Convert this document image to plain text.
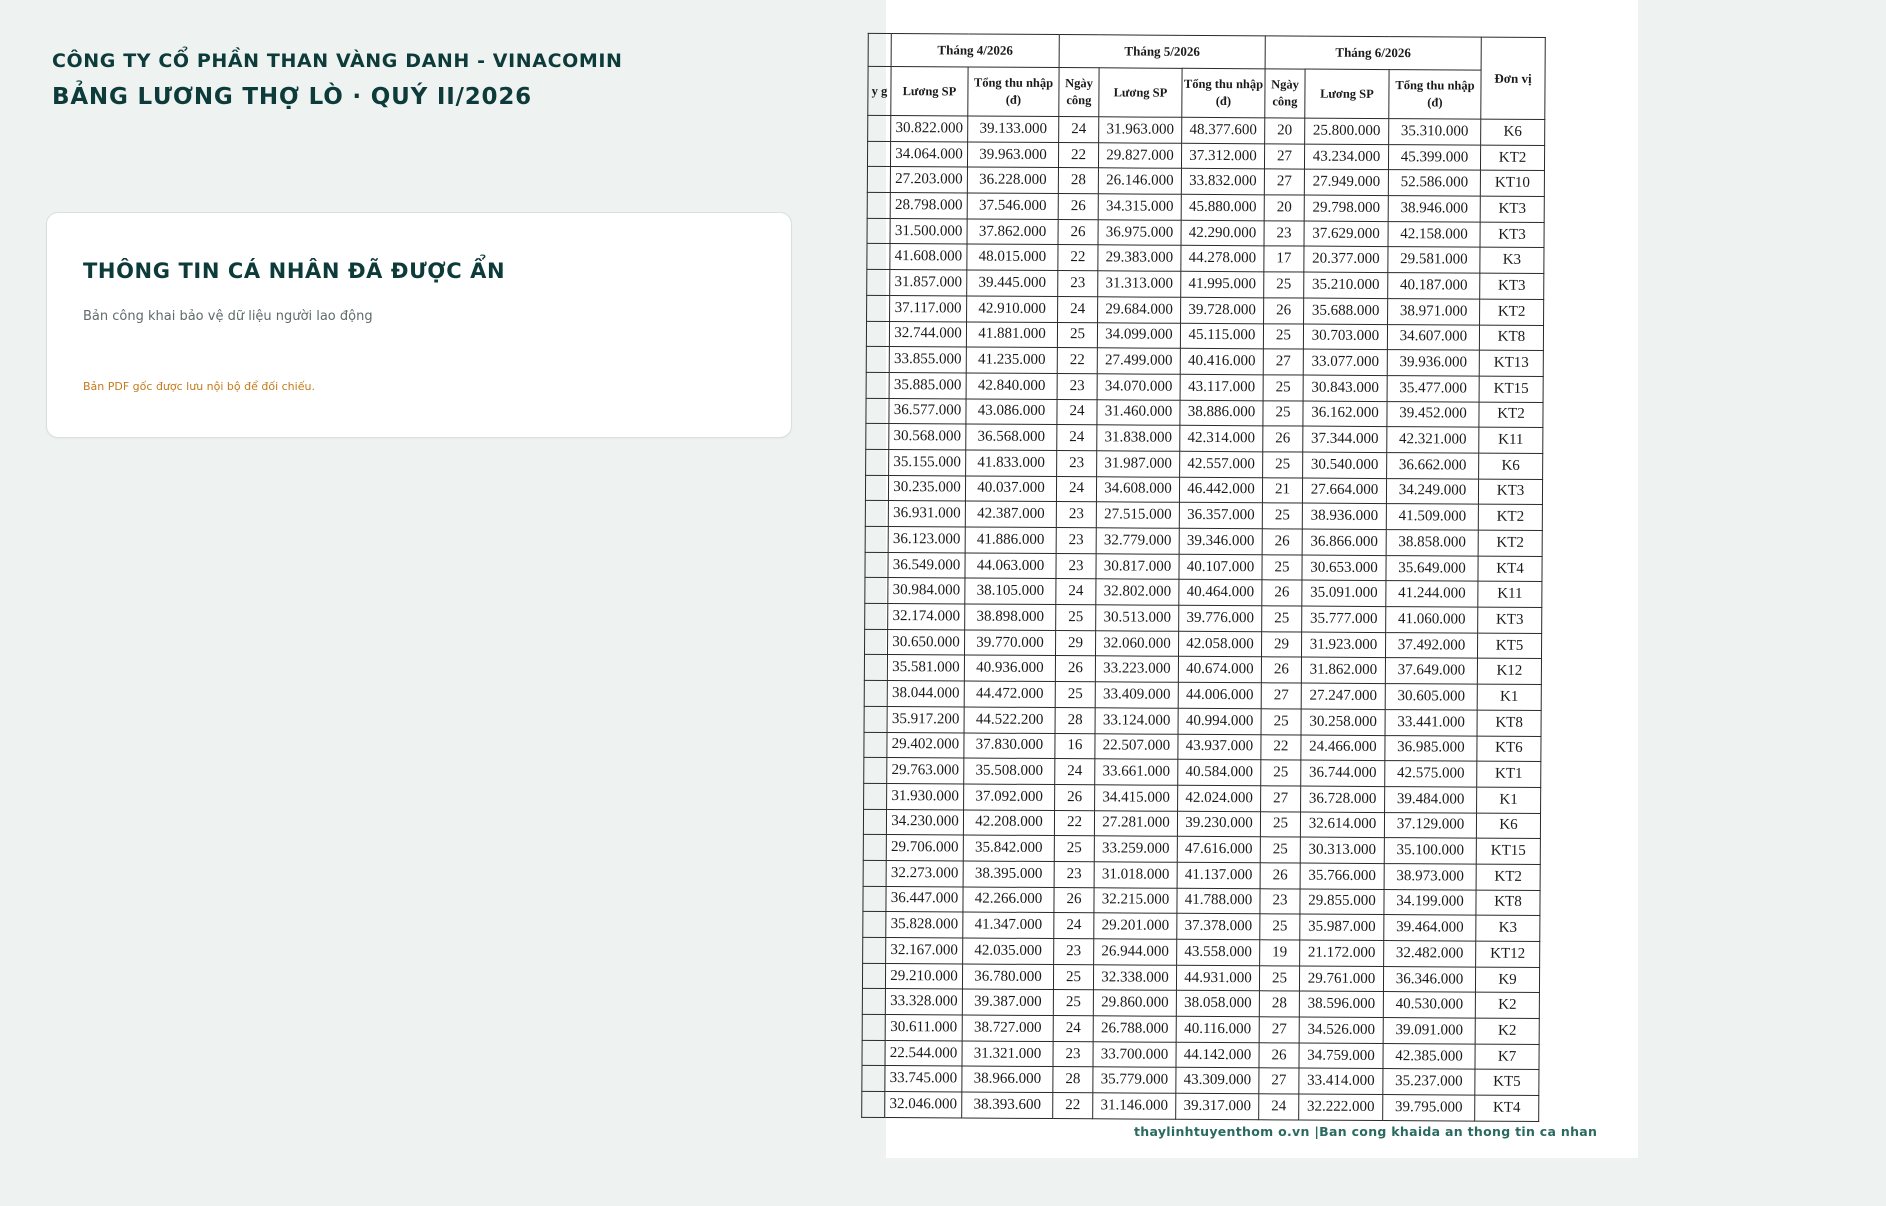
CÔNG TY CỔ PHẦN THAN VÀNG DANH - VINACOMIN
BẢNG LƯƠNG THỢ LÒ · QUÝ II/2026
THÔNG TIN CÁ NHÂN ĐÃ ĐƯỢC ẨN
Bản công khai bảo vệ dữ liệu người lao động
Bản PDF gốc được lưu nội bộ để đối chiếu.
	Tháng 4/2026		Tháng 5/2026			Tháng 6/2026			Đơn vị
y g	Lương SP	Tổng thu nhập (đ)	Ngày công	Lương SP	Tổng thu nhập (đ)	Ngày công	Lương SP	Tổng thu nhập (đ)	
	30.822.000	39.133.000	24	31.963.000	48.377.600	20	25.800.000	35.310.000	K6
	34.064.000	39.963.000	22	29.827.000	37.312.000	27	43.234.000	45.399.000	KT2
	27.203.000	36.228.000	28	26.146.000	33.832.000	27	27.949.000	52.586.000	KT10
	28.798.000	37.546.000	26	34.315.000	45.880.000	20	29.798.000	38.946.000	KT3
	31.500.000	37.862.000	26	36.975.000	42.290.000	23	37.629.000	42.158.000	KT3
	41.608.000	48.015.000	22	29.383.000	44.278.000	17	20.377.000	29.581.000	K3
	31.857.000	39.445.000	23	31.313.000	41.995.000	25	35.210.000	40.187.000	KT3
	37.117.000	42.910.000	24	29.684.000	39.728.000	26	35.688.000	38.971.000	KT2
	32.744.000	41.881.000	25	34.099.000	45.115.000	25	30.703.000	34.607.000	KT8
	33.855.000	41.235.000	22	27.499.000	40.416.000	27	33.077.000	39.936.000	KT13
	35.885.000	42.840.000	23	34.070.000	43.117.000	25	30.843.000	35.477.000	KT15
	36.577.000	43.086.000	24	31.460.000	38.886.000	25	36.162.000	39.452.000	KT2
	30.568.000	36.568.000	24	31.838.000	42.314.000	26	37.344.000	42.321.000	K11
	35.155.000	41.833.000	23	31.987.000	42.557.000	25	30.540.000	36.662.000	K6
	30.235.000	40.037.000	24	34.608.000	46.442.000	21	27.664.000	34.249.000	KT3
	36.931.000	42.387.000	23	27.515.000	36.357.000	25	38.936.000	41.509.000	KT2
	36.123.000	41.886.000	23	32.779.000	39.346.000	26	36.866.000	38.858.000	KT2
	36.549.000	44.063.000	23	30.817.000	40.107.000	25	30.653.000	35.649.000	KT4
	30.984.000	38.105.000	24	32.802.000	40.464.000	26	35.091.000	41.244.000	K11
	32.174.000	38.898.000	25	30.513.000	39.776.000	25	35.777.000	41.060.000	KT3
	30.650.000	39.770.000	29	32.060.000	42.058.000	29	31.923.000	37.492.000	KT5
	35.581.000	40.936.000	26	33.223.000	40.674.000	26	31.862.000	37.649.000	K12
	38.044.000	44.472.000	25	33.409.000	44.006.000	27	27.247.000	30.605.000	K1
	35.917.200	44.522.200	28	33.124.000	40.994.000	25	30.258.000	33.441.000	KT8
	29.402.000	37.830.000	16	22.507.000	43.937.000	22	24.466.000	36.985.000	KT6
	29.763.000	35.508.000	24	33.661.000	40.584.000	25	36.744.000	42.575.000	KT1
	31.930.000	37.092.000	26	34.415.000	42.024.000	27	36.728.000	39.484.000	K1
	34.230.000	42.208.000	22	27.281.000	39.230.000	25	32.614.000	37.129.000	K6
	29.706.000	35.842.000	25	33.259.000	47.616.000	25	30.313.000	35.100.000	KT15
	32.273.000	38.395.000	23	31.018.000	41.137.000	26	35.766.000	38.973.000	KT2
	36.447.000	42.266.000	26	32.215.000	41.788.000	23	29.855.000	34.199.000	KT8
	35.828.000	41.347.000	24	29.201.000	37.378.000	25	35.987.000	39.464.000	K3
	32.167.000	42.035.000	23	26.944.000	43.558.000	19	21.172.000	32.482.000	KT12
	29.210.000	36.780.000	25	32.338.000	44.931.000	25	29.761.000	36.346.000	K9
	33.328.000	39.387.000	25	29.860.000	38.058.000	28	38.596.000	40.530.000	K2
	30.611.000	38.727.000	24	26.788.000	40.116.000	27	34.526.000	39.091.000	K2
	22.544.000	31.321.000	23	33.700.000	44.142.000	26	34.759.000	42.385.000	K7
	33.745.000	38.966.000	28	35.779.000	43.309.000	27	33.414.000	35.237.000	KT5
	32.046.000	38.393.600	22	31.146.000	39.317.000	24	32.222.000	39.795.000	KT4
thaylinhtuyenthom o.vn |Ban cong khaida an thong tin ca nhan
